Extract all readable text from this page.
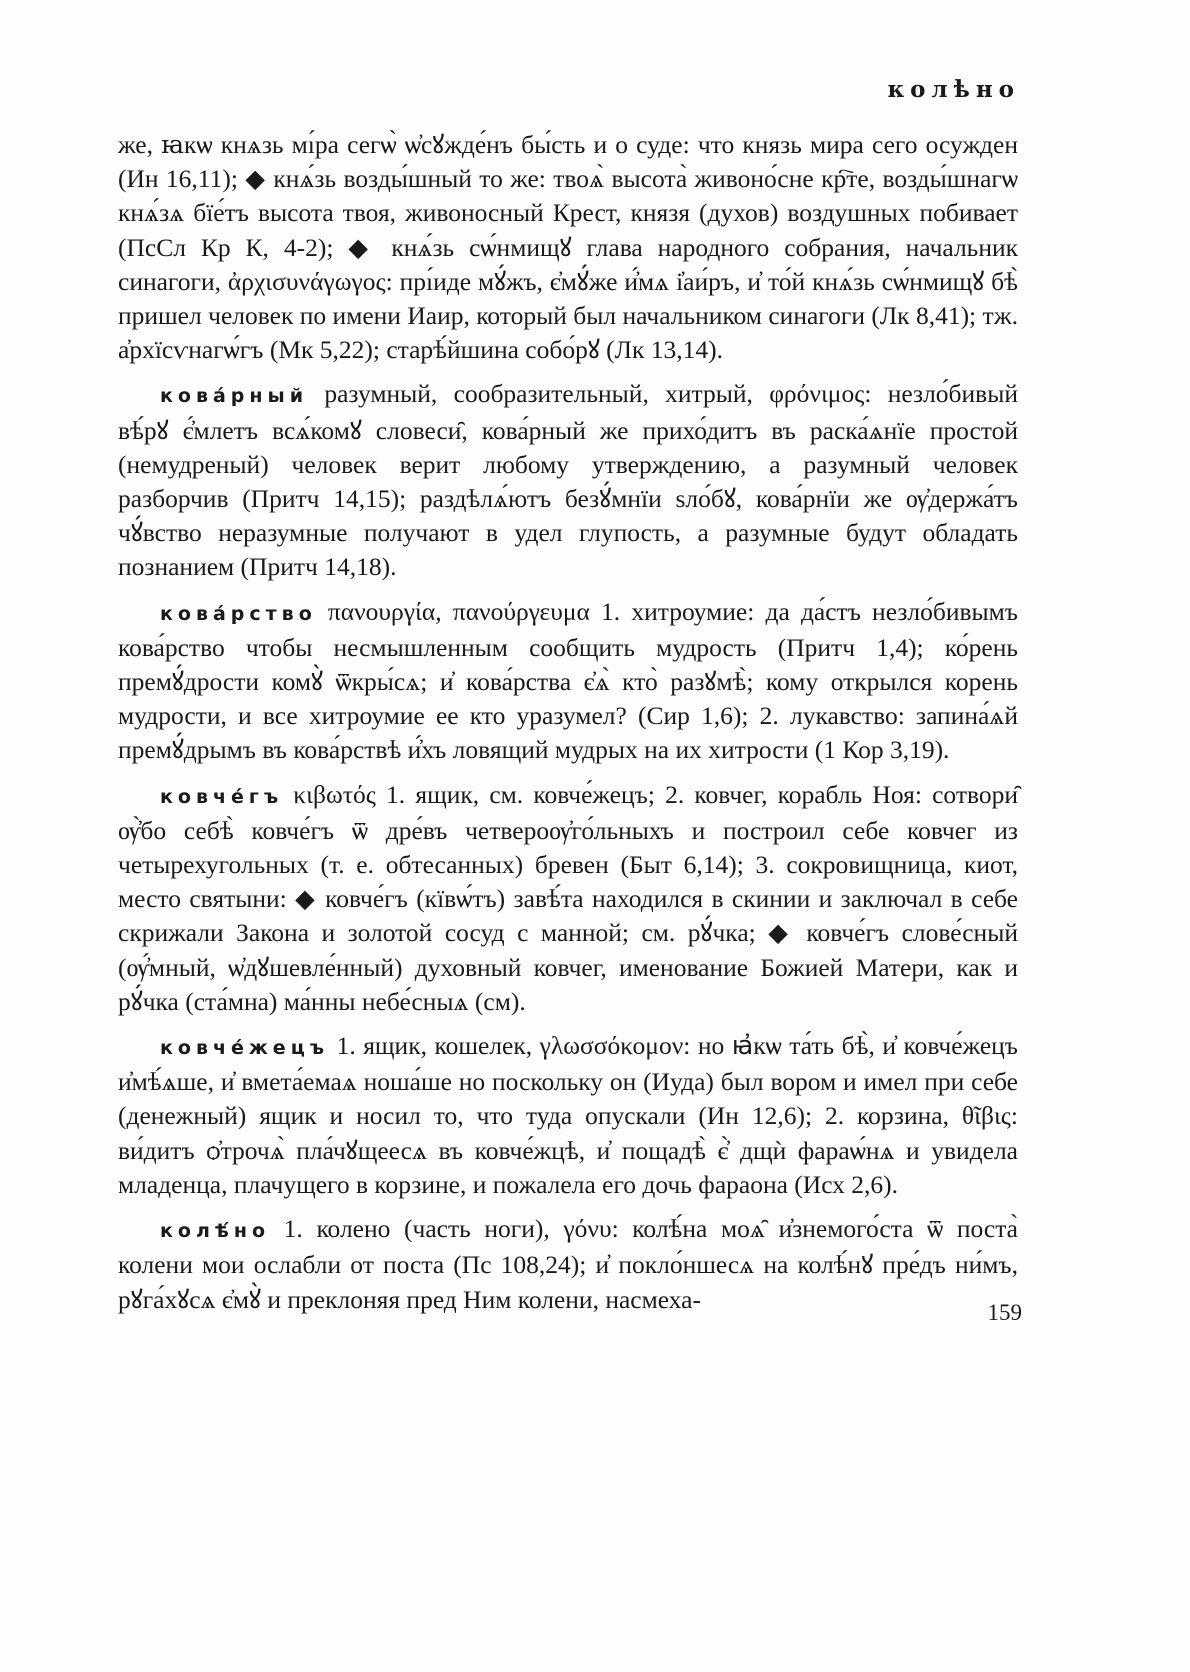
колѣно

же, ꙗкѡ кнѧзь мı́ра сегѡ̀ ѡ҆сꙋжде́нъ бы́сть и о суде: что князь мира сего осужден (Ин 16,11); ◆ кнѧ́зь возды́шный то же: твоѧ̀ высота̀ живоно́сне кр҇те, возды́шнагѡ кнѧ́зѧ бїе́тъ высота твоя, живоносный Крест, князя (духов) воздушных побивает (ПсСл Кр К, 4-2); ◆ кнѧ́зь сѡ́нмищꙋ глава народного собрания, начальник синагоги, ἀρχισυνάγωγος: прı́иде мꙋ́жъ, є҆мꙋ́же и҆́мѧ і҆аи́ръ, и҆ то́й кнѧ́зь сѡ́нмищꙋ бѣ̀ пришел человек по имени Иаир, который был начальником синагоги (Лк 8,41); тж. а҆рхїсѵнагѡ́гъ (Мк 5,22); старѣ́йшина собо́рꙋ (Лк 13,14).

кова́рный разумный, сообразительный, хитрый, φρόνιμος: незло́бивый вѣ́рꙋ є҆́млетъ всѧ́комꙋ словеси̑, кова́рный же прихо́дитъ въ раска́ѧнїе простой (немудреный) человек верит любому утверждению, а разумный человек разборчив (Притч 14,15); раздѣлѧ́ютъ безꙋ́мнїи ѕло́бꙋ, кова́рнїи же ѹ҆держа́тъ чꙋ́вство неразумные получают в удел глупость, а разумные будут обладать познанием (Притч 14,18).

кова́рство πανουργία, πανούργευμα 1. хитроумие: да да́стъ незло́бивымъ кова́рство чтобы несмышленным сообщить мудрость (Притч 1,4); ко́рень премꙋ́дрости комꙋ̀ ѿкры́сѧ; и҆ кова́рства є҆ѧ̀ кто̀ разꙋмѣ̀; кому открылся корень мудрости, и все хитроумие ее кто уразумел? (Сир 1,6); 2. лукавство: запина́ѧй премꙋ́дрымъ въ кова́рствѣ и҆́хъ ловящий мудрых на их хитрости (1 Кор 3,19).

ковче́гъ κιβωτός 1. ящик, см. ковче́жецъ; 2. ковчег, корабль Ноя: сотвори̑ ѹ҆̀бо себѣ̀ ковче́гъ ѿ дре́въ четвероѹ҆го́льныхъ и построил себе ковчег из четырехугольных (т. е. обтесанных) бревен (Быт 6,14); 3. сокровищница, киот, место святыни: ◆ ковче́гъ (кївѡ́тъ) завѣ́та находился в скинии и заключал в себе скрижали Закона и золотой сосуд с манной; см. рꙋ́чка; ◆ ковче́гъ слове́сный (ѹ҆́мный, ѡ҆дꙋшевле́нный) духовный ковчег, именование Божией Матери, как и рꙋ́чка (ста́мна) ма́нны небе́сныѧ (см).

ковче́жецъ 1. ящик, кошелек, γλωσσόκομον: но ꙗ҆кѡ та́ть бѣ̀, и҆ ковче́жецъ и҆мѣ́ѧше, и҆ вмета́емаѧ ноша́ше но поскольку он (Иуда) был вором и имел при себе (денежный) ящик и носил то, что туда опускали (Ин 12,6); 2. корзина, θῖβις: ви́дитъ ѻ҆трочѧ̀ пла́чꙋщеесѧ въ ковче́жцѣ, и҆ пощадѣ̀ є҆̀ дщѝ фараѡ́нѧ и увидела младенца, плачущего в корзине, и пожалела его дочь фараона (Исх 2,6).

колѣ́но 1. колено (часть ноги), γόνυ: колѣ́на моѧ̑ и҆знемого́ста ѿ поста̀ колени мои ослабли от поста (Пс 108,24); и҆ покло́ншесѧ на колѣ́нꙋ пре́дъ ни́мъ, рꙋга́хꙋсѧ є҆мꙋ̀ и преклоняя пред Ним колени, насмеха-	159
